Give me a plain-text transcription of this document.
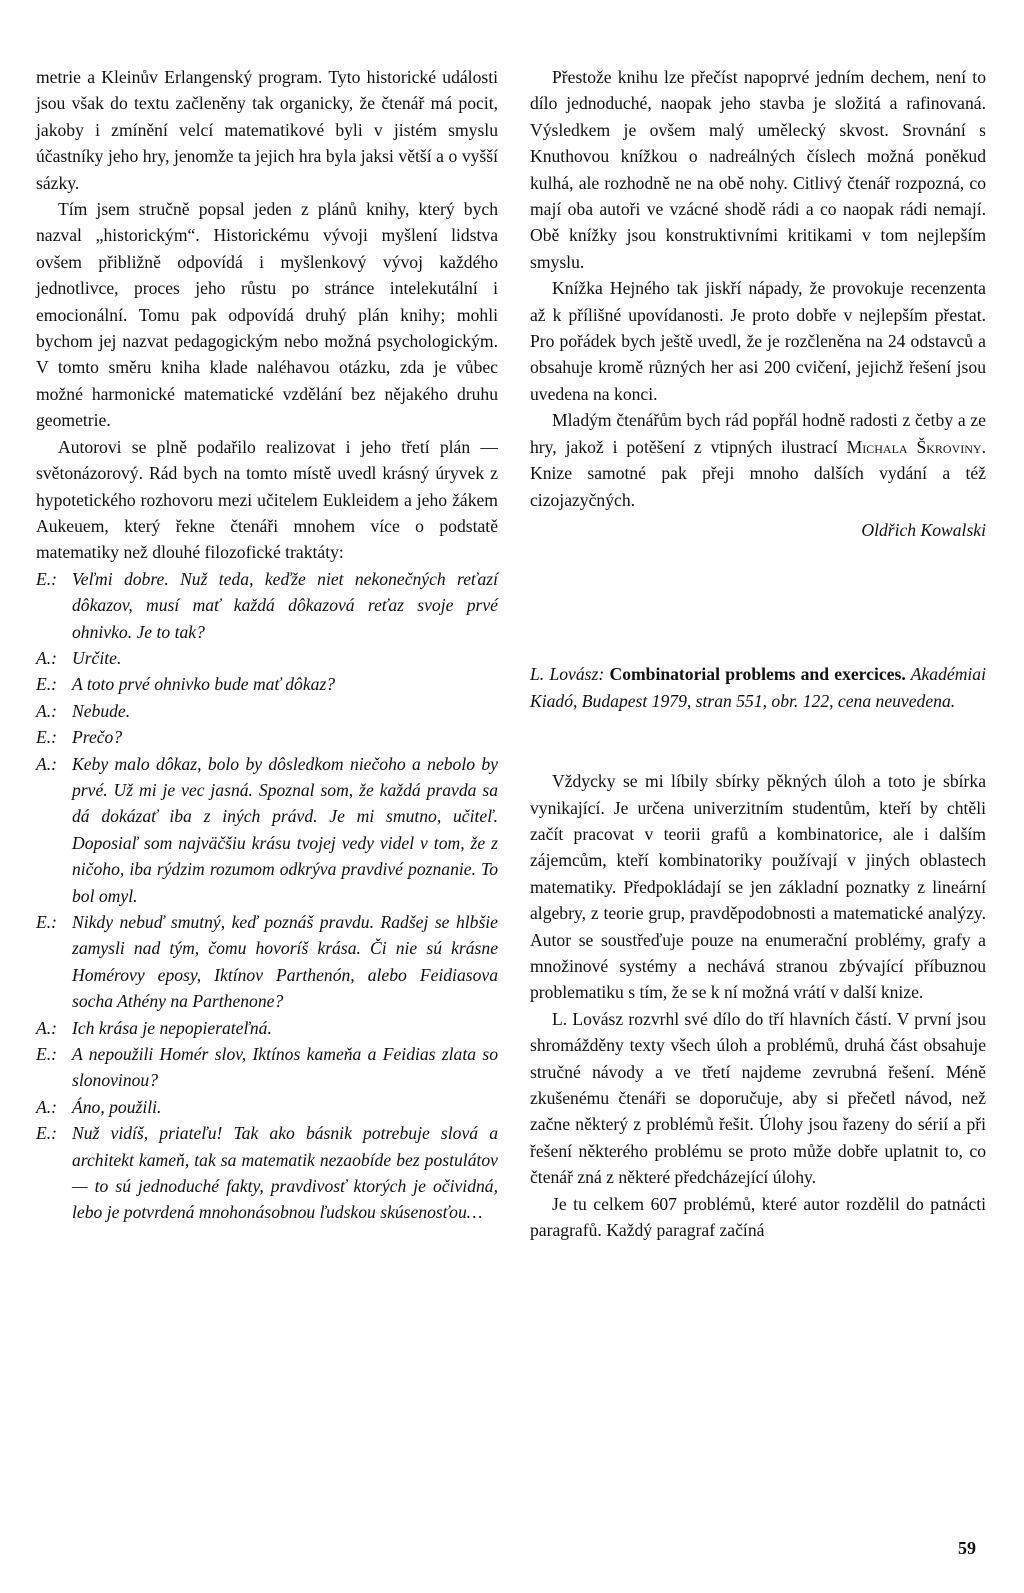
metrie a Kleinův Erlangenský program. Tyto historické události jsou však do textu začleněny tak organicky, že čtenář má pocit, jakoby i zmínění velcí matematikové byli v jistém smyslu účastníky jeho hry, jenomže ta jejich hra byla jaksi větší a o vyšší sázky.

Tím jsem stručně popsal jeden z plánů knihy, který bych nazval „historickým“. Historickému vývoji myšlení lidstva ovšem přibližně odpovídá i myšlenkový vývoj každého jednotlivce, proces jeho růstu po stránce intelekutální i emocionální. Tomu pak odpovídá druhý plán knihy; mohli bychom jej nazvat pedagogickým nebo možná psychologickým. V tomto směru kniha klade naléhavou otázku, zda je vůbec možné harmonické matematické vzdělání bez nějakého druhu geometrie.

Autorovi se plně podařilo realizovat i jeho třetí plán — světonázorový. Rád bych na tomto místě uvedl krásný úryvek z hypotetického rozhovoru mezi učitelem Eukleidem a jeho žákem Aukeuem, který řekne čtenáři mnohem více o podstatě matematiky než dlouhé filozofické traktáty:

E.: Veľmi dobre. Nuž teda, keďže niet nekonečných reťazí dôkazov, musí mať každá dôkazová reťaz svoje prvé ohnivko. Je to tak?
A.: Určite.
E.: A toto prvé ohnivko bude mať dôkaz?
A.: Nebude.
E.: Prečo?
A.: Keby malo dôkaz, bolo by dôsledkom niečoho a nebolo by prvé. Už mi je vec jasná. Spoznal som, že každá pravda sa dá dokázať iba z iných právd. Je mi smutno, učiteľ. Doposiaľ som najväčšiu krásu tvojej vedy videl v tom, že z ničoho, iba rýdzim rozumom odkrýva pravdivé poznanie. To bol omyl.
E.: Nikdy nebuď smutný, keď poznáš pravdu. Radšej se hlbšie zamysli nad tým, čomu hovoríš krása. Či nie sú krásne Homérovy eposy, Iktínov Parthenón, alebo Feidiasova socha Athény na Parthenone?
A.: Ich krása je nepopierateľná.
E.: A nepoužili Homér slov, Iktínos kameňa a Feidias zlata so slonovinou?
A.: Áno, použili.
E.: Nuž vidíš, priateľu! Tak ako básnik potrebuje slová a architekt kameň, tak sa matematik nezaobíde bez postulátov — to sú jednoduché fakty, pravdivosť ktorých je očividná, lebo je potvrdená mnohonásobnou ľudskou skúsenosťou…

Přestože knihu lze přečíst napoprvé jedním dechem, není to dílo jednoduché, naopak jeho stavba je složitá a rafinovaná. Výsledkem je ovšem malý umělecký skvost. Srovnání s Knuthovou knížkou o nadreálných číslech možná poněkud kulhá, ale rozhodně ne na obě nohy. Citlivý čtenář rozpozná, co mají oba autoři ve vzácné shodě rádi a co naopak rádi nemají. Obě knížky jsou konstruktivními kritikami v tom nejlepším smyslu.

Knížka Hejného tak jiskří nápady, že provokuje recenzenta až k přílišné upovídanosti. Je proto dobře v nejlepším přestat. Pro pořádek bych ještě uvedl, že je rozčleněna na 24 odstavců a obsahuje kromě různých her asi 200 cvičení, jejichž řešení jsou uvedena na konci.

Mladým čtenářům bych rád popřál hodně radosti z četby a ze hry, jakož i potěšení z vtipných ilustrací Michala Škroviny. Knize samotné pak přeji mnoho dalších vydání a též cizojazyčných.

Oldřich Kowalski

L. Lovász: Combinatorial problems and exercices. Akadémiai Kiadó, Budapest 1979, stran 551, obr. 122, cena neuvedena.

Vždycky se mi líbily sbírky pěkných úloh a toto je sbírka vynikající. Je určena univerzitním studentům, kteří by chtěli začít pracovat v teorii grafů a kombinatorice, ale i dalším zájemcům, kteří kombinatoriky používají v jiných oblastech matematiky. Předpokládají se jen základní poznatky z lineární algebry, z teorie grup, pravděpodobnosti a matematické analýzy. Autor se soustřeďuje pouze na enumerační problémy, grafy a množinové systémy a nechává stranou zbývající příbuznou problematiku s tím, že se k ní možná vrátí v další knize.

L. Lovász rozvrhl své dílo do tří hlavních částí. V první jsou shromážděny texty všech úloh a problémů, druhá část obsahuje stručné návody a ve třetí najdeme zevrubná řešení. Méně zkušenému čtenáři se doporučuje, aby si přečetl návod, než začne některý z problémů řešit. Úlohy jsou řazeny do sérií a při řešení některého problému se proto může dobře uplatnit to, co čtenář zná z některé předcházející úlohy.

Je tu celkem 607 problémů, které autor rozdělil do patnácti paragrafů. Každý paragraf začíná

59
